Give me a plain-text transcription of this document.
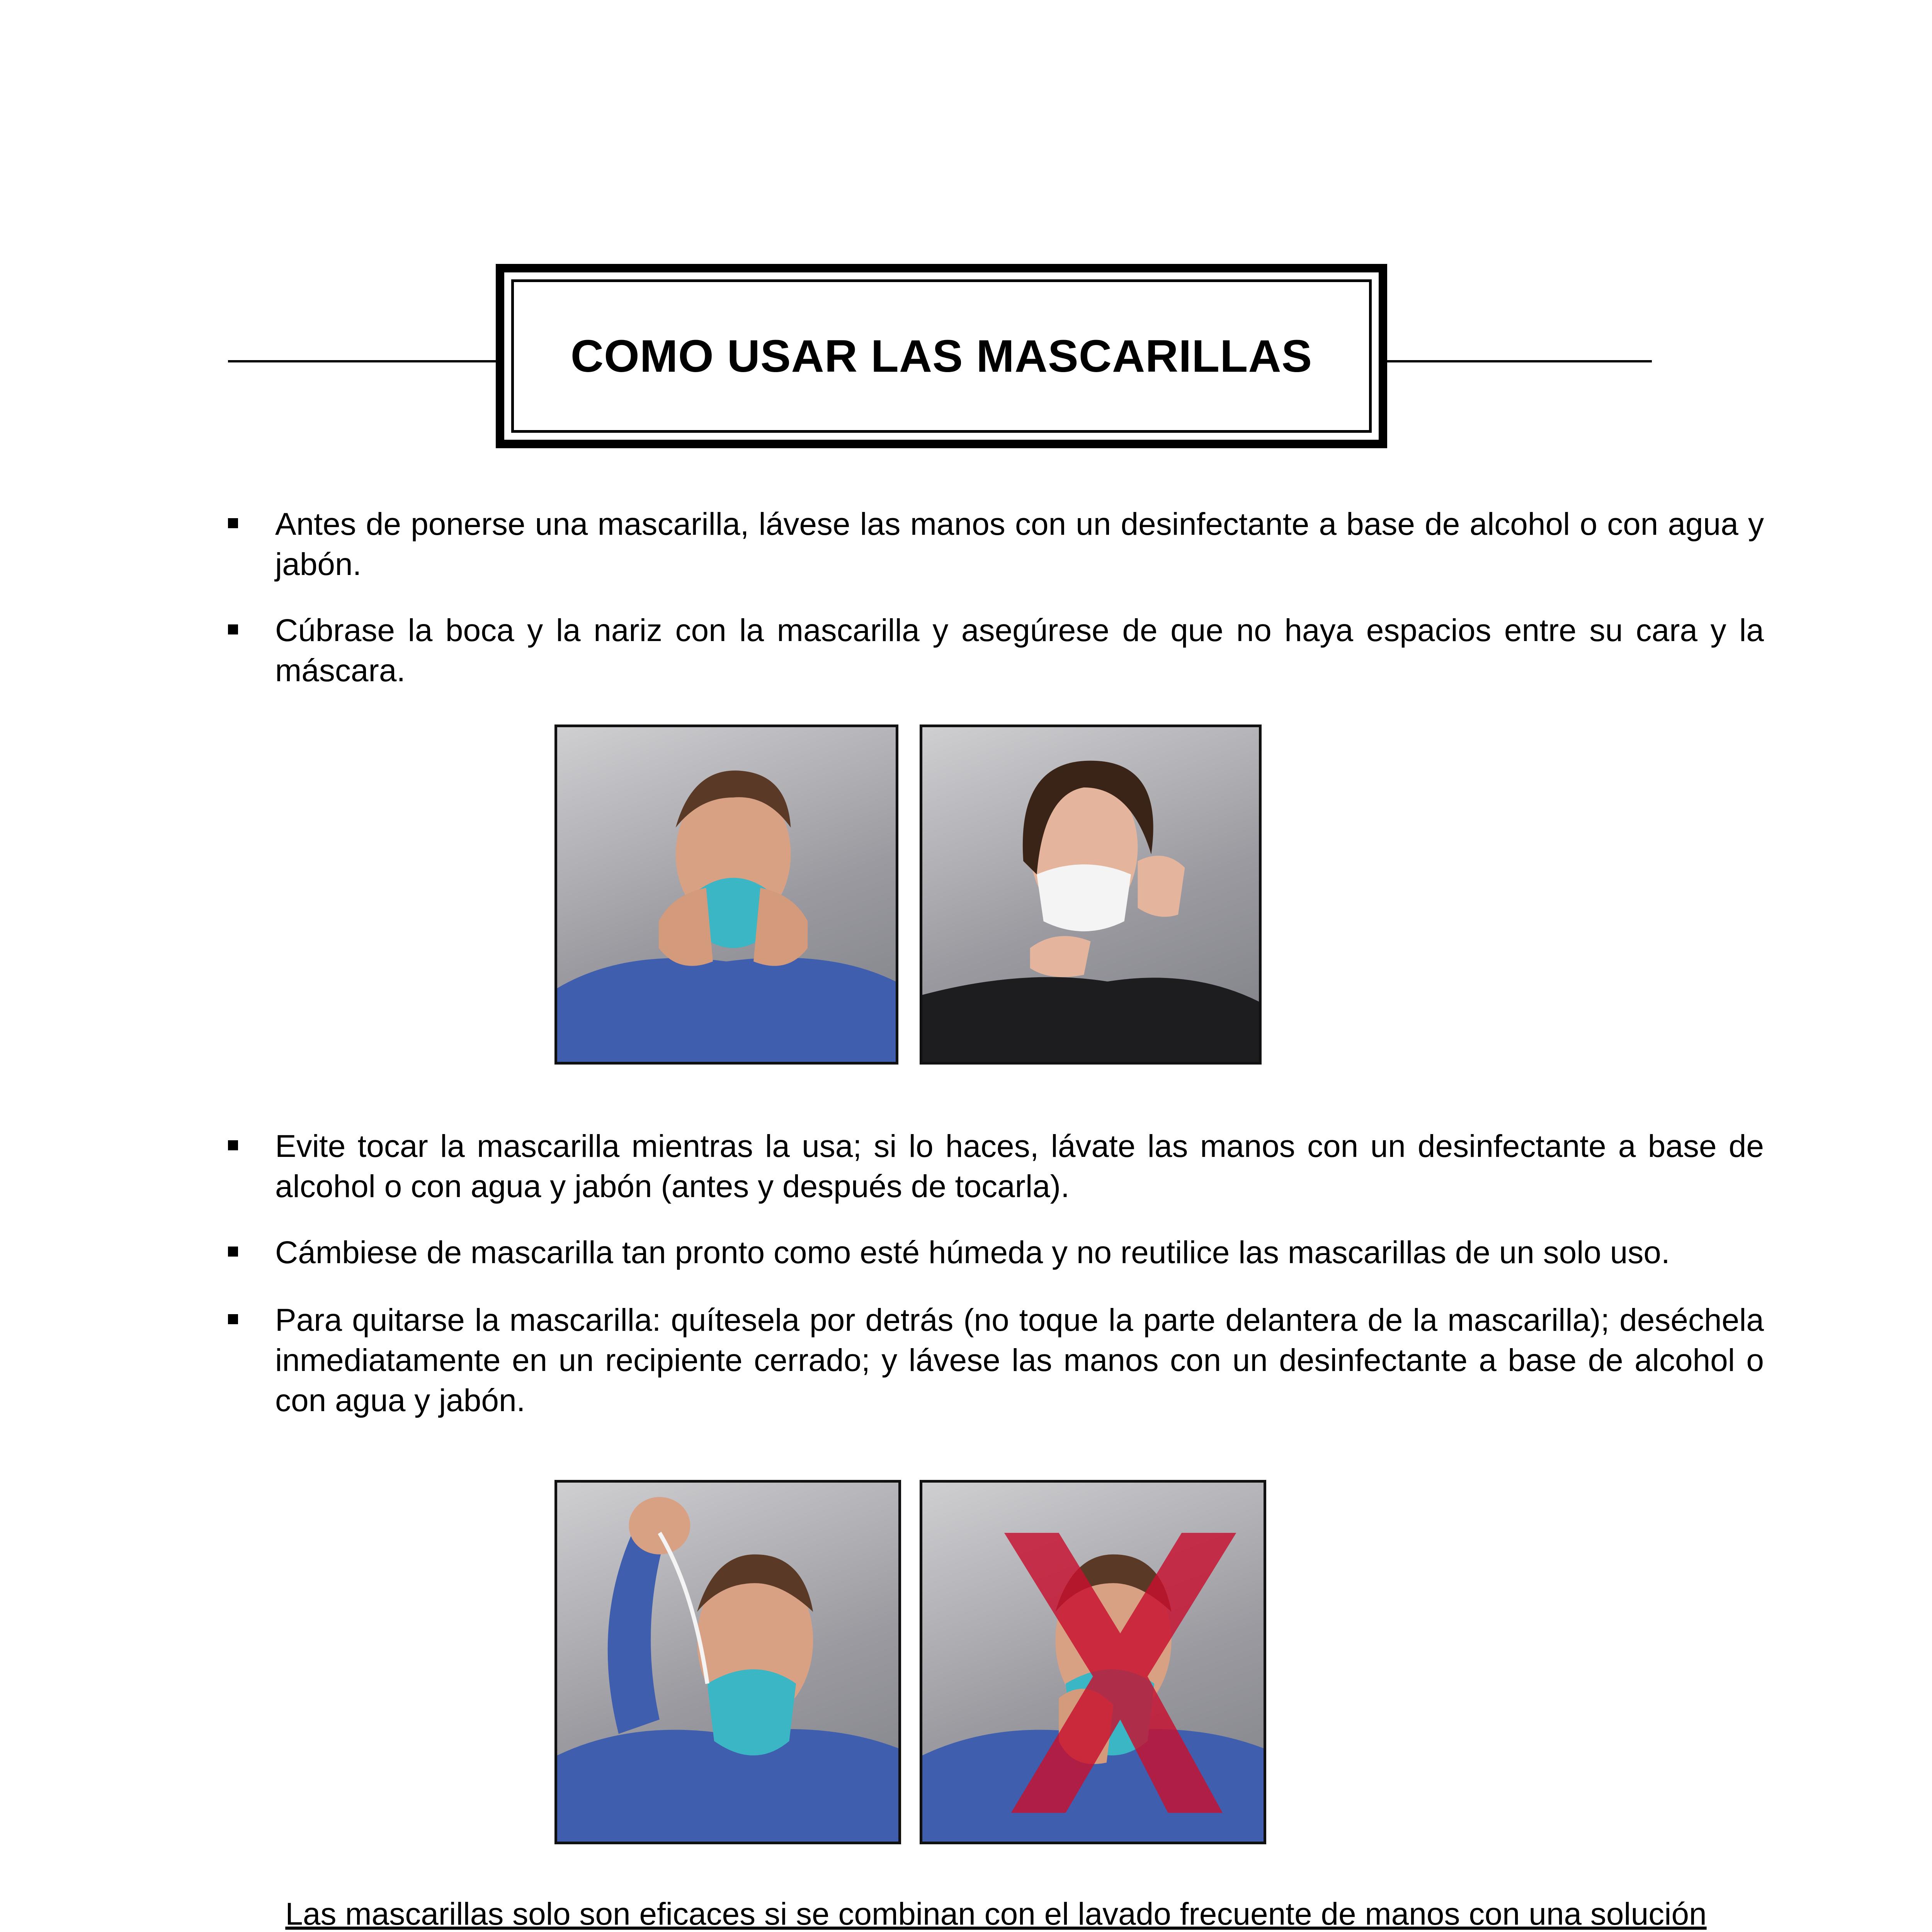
COMO USAR LAS MASCARILLAS
Antes de ponerse una mascarilla, lávese las manos con un desinfectante a base de alcohol o con agua y jabón.
Cúbrase la boca y la nariz con la mascarilla y asegúrese de que no haya espacios entre su cara y la máscara.
Evite tocar la mascarilla mientras la usa; si lo haces, lávate las manos con un desinfectante a base de alcohol o con agua y jabón (antes y después de tocarla).
Cámbiese de mascarilla tan pronto como esté húmeda y no reutilice las mascarillas de un solo uso.
Para quitarse la mascarilla: quítesela por detrás (no toque la parte delantera de la mascarilla); deséchela inmediatamente en un recipiente cerrado; y lávese las manos con un desinfectante a base de alcohol o con agua y jabón.
Las mascarillas solo son eficaces si se combinan con el lavado frecuente de manos con una solución
